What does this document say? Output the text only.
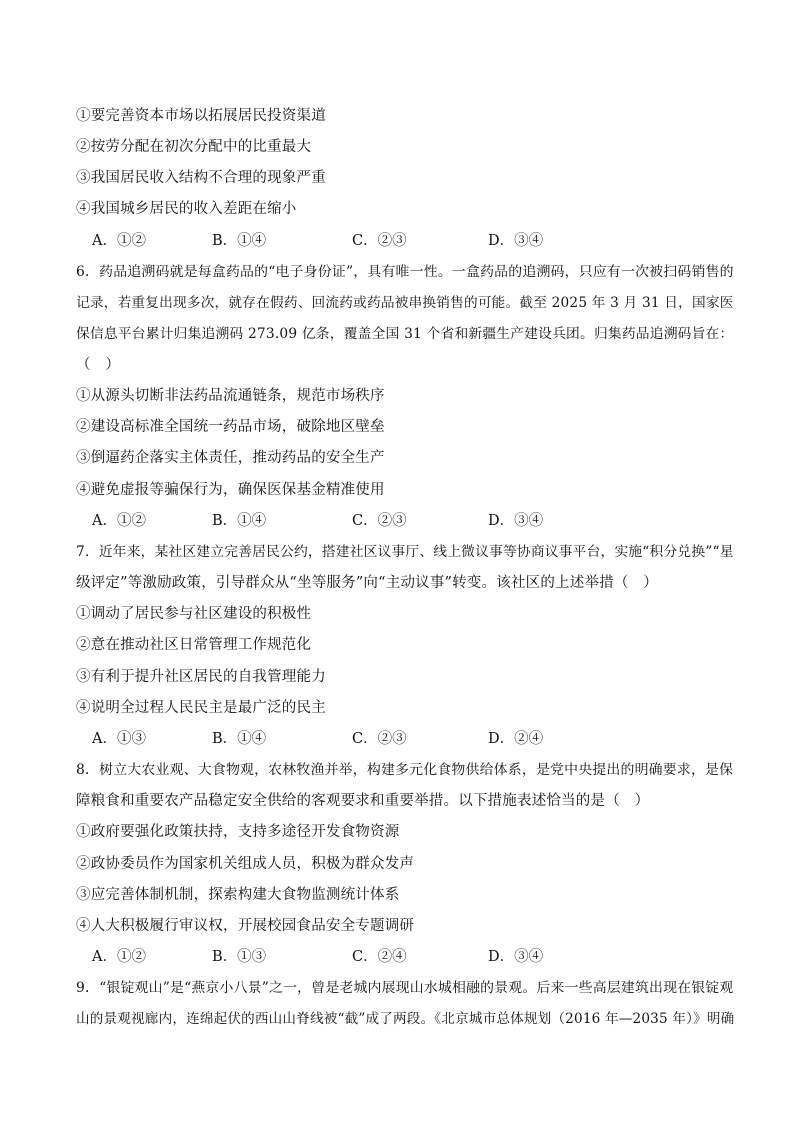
①要完善资本市场以拓展居民投资渠道
②按劳分配在初次分配中的比重最大
③我国居民收入结构不合理的现象严重
④我国城乡居民的收入差距在缩小
A．①②	B．①④	C．②③	D．③④
6．药品追溯码就是每盒药品的“电子身份证”，具有唯一性。一盒药品的追溯码，只应有一次被扫码销售的
记录，若重复出现多次，就存在假药、回流药或药品被串换销售的可能。截至 2025 年 3 月 31 日，国家医
保信息平台累计归集追溯码 273.09 亿条，覆盖全国 31 个省和新疆生产建设兵团。归集药品追溯码旨在：
（　）
①从源头切断非法药品流通链条，规范市场秩序
②建设高标准全国统一药品市场，破除地区壁垒
③倒逼药企落实主体责任，推动药品的安全生产
④避免虚报等骗保行为，确保医保基金精准使用
A．①②	B．①④	C．②③	D．③④
7．近年来，某社区建立完善居民公约，搭建社区议事厅、线上微议事等协商议事平台，实施“积分兑换”“星
级评定”等激励政策，引导群众从“坐等服务”向“主动议事”转变。该社区的上述举措（　）
①调动了居民参与社区建设的积极性
②意在推动社区日常管理工作规范化
③有利于提升社区居民的自我管理能力
④说明全过程人民民主是最广泛的民主
A．①③	B．①④	C．②③	D．②④
8．树立大农业观、大食物观，农林牧渔并举，构建多元化食物供给体系，是党中央提出的明确要求，是保
障粮食和重要农产品稳定安全供给的客观要求和重要举措。以下措施表述恰当的是（　）
①政府要强化政策扶持，支持多途径开发食物资源
②政协委员作为国家机关组成人员，积极为群众发声
③应完善体制机制，探索构建大食物监测统计体系
④人大积极履行审议权，开展校园食品安全专题调研
A．①②	B．①③	C．②④	D．③④
9．“银锭观山”是“燕京小八景”之一，曾是老城内展现山水城相融的景观。后来一些高层建筑出现在银锭观
山的景观视廊内，连绵起伏的西山山脊线被“截”成了两段。《北京城市总体规划（2016 年—2035 年）》明确
